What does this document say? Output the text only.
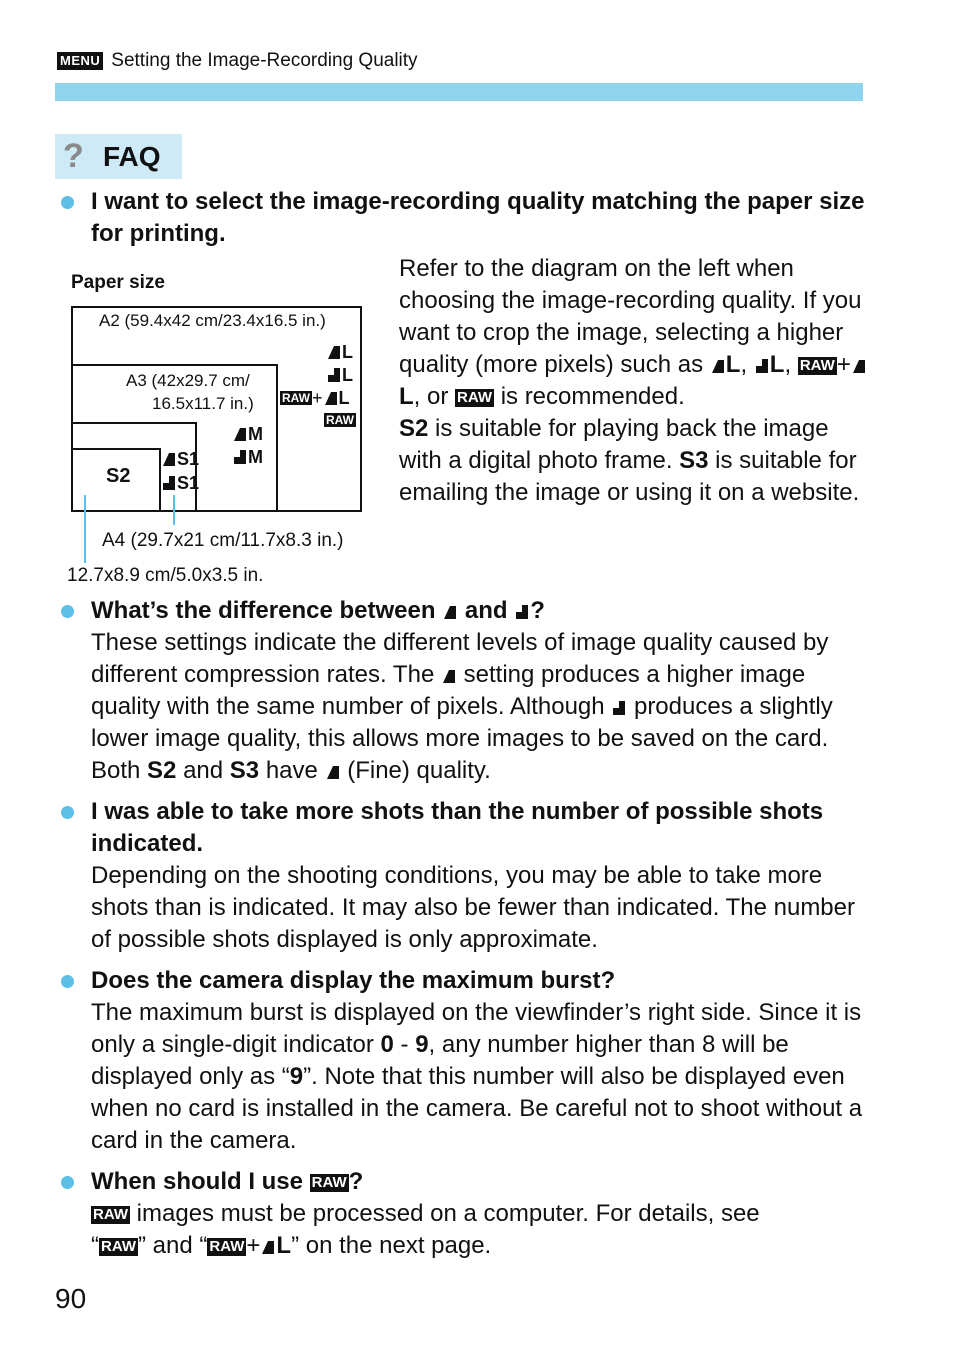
MENU Setting the Image-Recording Quality
? FAQ
I want to select the image-recording quality matching the paper size for printing.
Paper size
A2 (59.4x42 cm/23.4x16.5 in.)
A3 (42x29.7 cm/
16.5x11.7 in.)
L
L
RAW + L
RAW
M
M
S1
S1
S2
A4 (29.7x21 cm/11.7x8.3 in.)
12.7x8.9 cm/5.0x3.5 in.
Refer to the diagram on the left when choosing the image-recording quality. If you want to crop the image, selecting a higher quality (more pixels) such as L, L, RAW+L, or RAW is recommended.
S2 is suitable for playing back the image with a digital photo frame. S3 is suitable for emailing the image or using it on a website.
What’s the difference between  and ?
These settings indicate the different levels of image quality caused by different compression rates. The  setting produces a higher image quality with the same number of pixels. Although  produces a slightly lower image quality, this allows more images to be saved on the card. Both S2 and S3 have  (Fine) quality.
I was able to take more shots than the number of possible shots indicated.
Depending on the shooting conditions, you may be able to take more shots than is indicated. It may also be fewer than indicated. The number of possible shots displayed is only approximate.
Does the camera display the maximum burst?
The maximum burst is displayed on the viewfinder’s right side. Since it is only a single-digit indicator 0 - 9, any number higher than 8 will be displayed only as “9”. Note that this number will also be displayed even when no card is installed in the camera. Be careful not to shoot without a card in the camera.
When should I use RAW?
RAW images must be processed on a computer. For details, see
“ RAW” and “ RAW+ L” on the next page.
90
